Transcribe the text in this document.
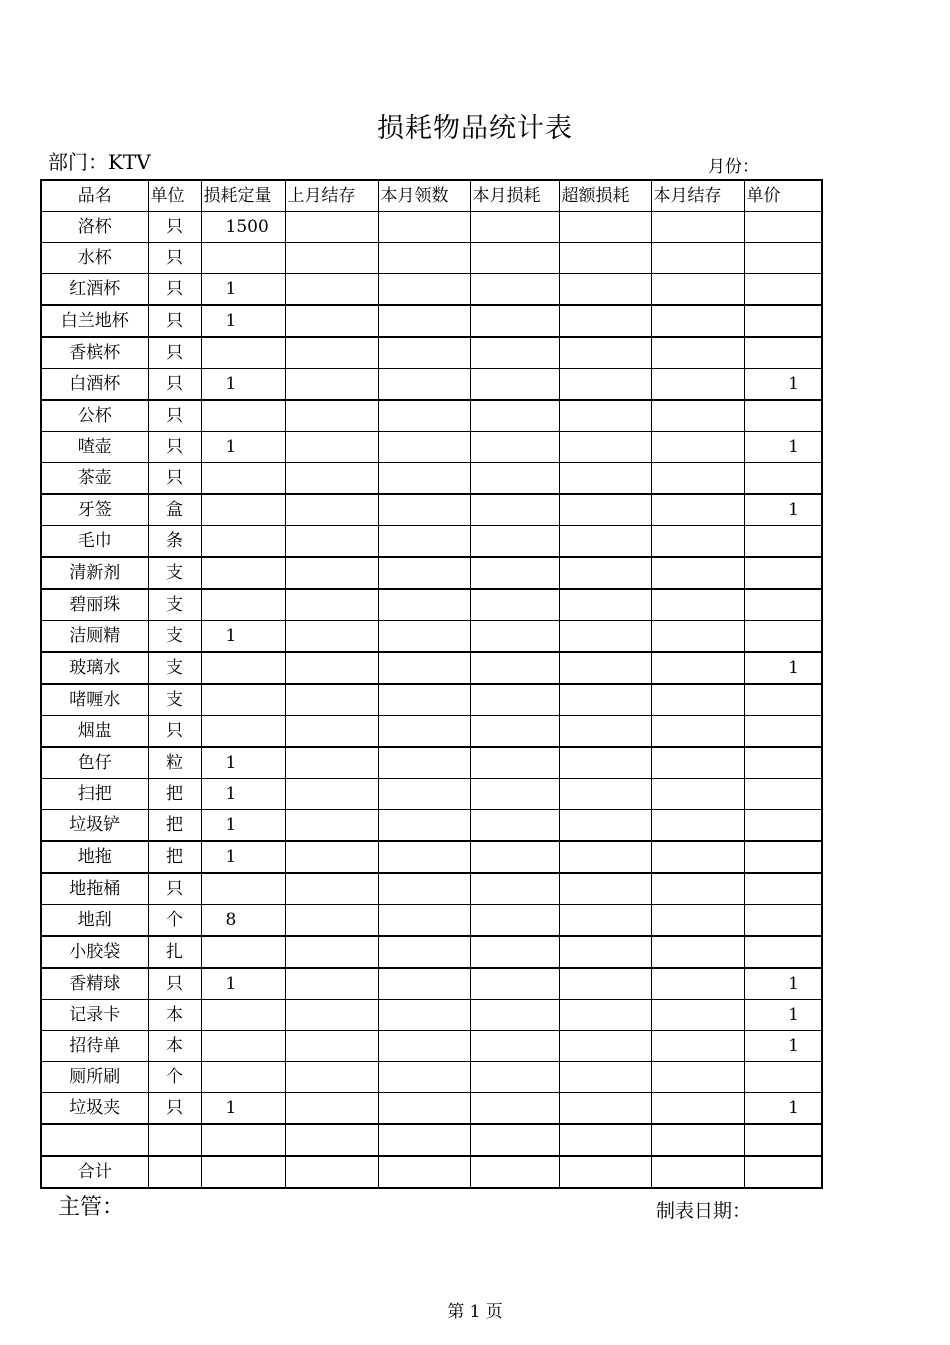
损耗物品统计表
部门：KTV	月份：
品名	单位	损耗定量	上月结存	本月领数	本月损耗	超额损耗	本月结存	单价
洛杯	只	1500						
水杯	只							
红酒杯	只	1						
白兰地杯	只	1						
香槟杯	只							
白酒杯	只	1						1
公杯	只							
喳壶	只	1						1
茶壶	只							
牙签	盒							1
毛巾	条							
清新剂	支							
碧丽珠	支							
洁厕精	支	1						
玻璃水	支							1
啫喱水	支							
烟盅	只							
色仔	粒	1						
扫把	把	1						
垃圾铲	把	1						
地拖	把	1						
地拖桶	只							
地刮	个	8						
小胶袋	扎							
香精球	只	1						1
记录卡	本							1
招待单	本							1
厕所刷	个							
垃圾夹	只	1						1

合计								
主管：	制表日期：
第 1 页
